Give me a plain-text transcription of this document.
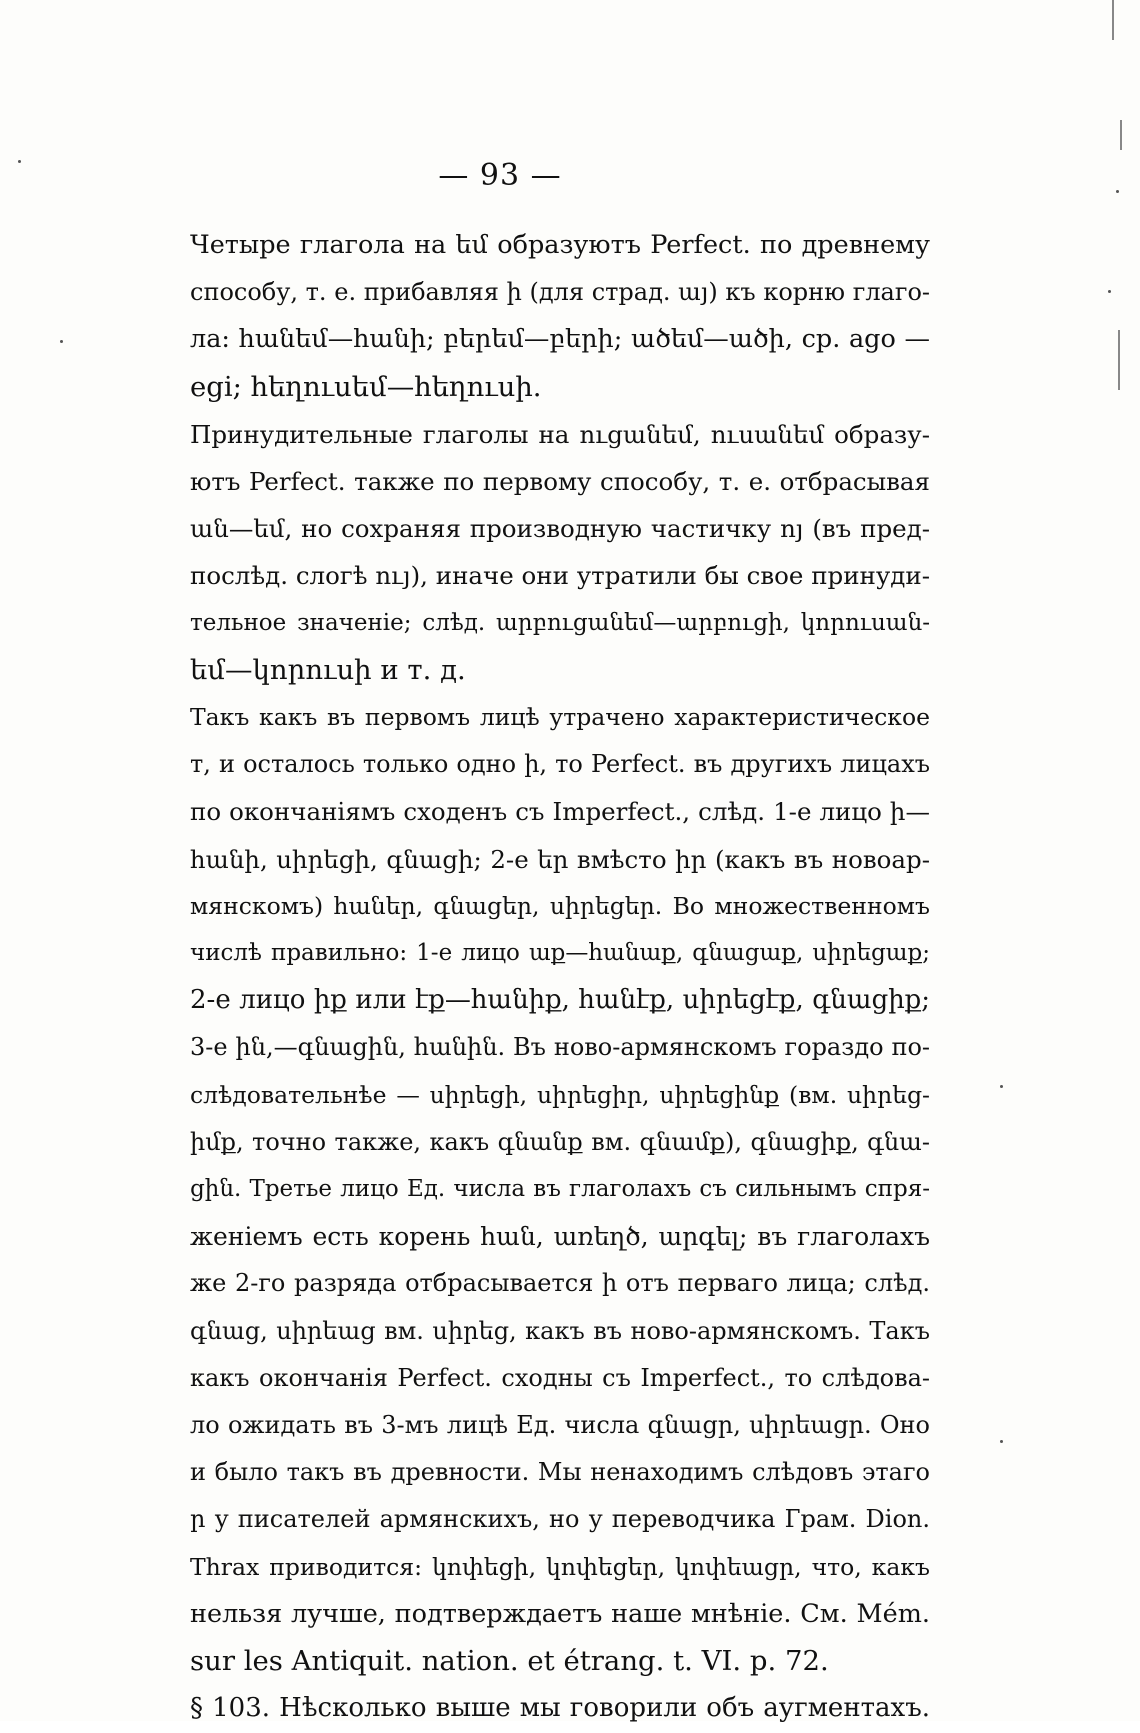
— 93 —
Четыре глагола на եմ образуютъ Perfect. по древнему
способу, т. е. прибавляя ի (для страд. այ) къ корню глаго-
ла: հանեմ—հանի; բերեմ—բերի; ածեմ—ածի, ср. ago —
egi; հեղուսեմ—հեղուսի.
Принудительные глаголы на ուցանեմ, ուսանեմ образу-
ютъ Perfect. также по первому способу, т. е. отбрасывая
ան—եմ, но сохраняя производную частичку ոյ (въ пред-
послѣд. слогѣ ույ), иначе они утратили бы свое принуди-
тельное значеніе; слѣд. արբուցանեմ—արբուցի, կորուսան-
եմ—կորուսի и т. д.
Такъ какъ въ первомъ лицѣ утрачено характеристическое
т, и осталось только одно ի, то Perfect. въ другихъ лицахъ
по окончаніямъ сходенъ съ Imperfect., слѣд. 1-е лицо ի—
հանի, սիրեցի, գնացի; 2-е եր вмѣсто իր (какъ въ новоар-
мянскомъ) հաներ, գնացեր, սիրեցեր. Во множественномъ
числѣ правильно: 1-е лицо աք—հանաք, գնացաք, սիրեցաք;
2-е лицо իք или էք—հանիք, հանէք, սիրեցէք, գնացիք;
3-е ին,—գնացին, հանին. Въ ново-армянскомъ гораздо по-
слѣдовательнѣе — սիրեցի, սիրեցիր, սիրեցինք (вм. սիրեց-
իմք, точно также, какъ գնանք вм. գնամք), գնացիք, գնա-
ցին. Третье лицо Ед. числа въ глаголахъ съ сильнымъ спря-
женіемъ есть корень հան, առեղծ, արգել; въ глаголахъ
же 2-го разряда отбрасывается ի отъ перваго лица; слѣд.
գնաց, սիրեաց вм. սիրեց, какъ въ ново-армянскомъ. Такъ
какъ окончанія Perfect. сходны съ Imperfect., то слѣдова-
ло ожидать въ 3-мъ лицѣ Ед. числа գնացր, սիրեացր. Оно
и было такъ въ древности. Мы ненаходимъ слѣдовъ этаго
ր у писателей армянскихъ, но у переводчика Грам. Dion.
Thrax приводится: կոփեցի, կոփեցեր, կոփեացր, что, какъ
нельзя лучше, подтверждаетъ наше мнѣніе. См. Mém.
sur les Antiquit. nation. et étrang. t. VI. p. 72.
§ 103. Нѣсколько выше мы говорили объ аугментахъ.
